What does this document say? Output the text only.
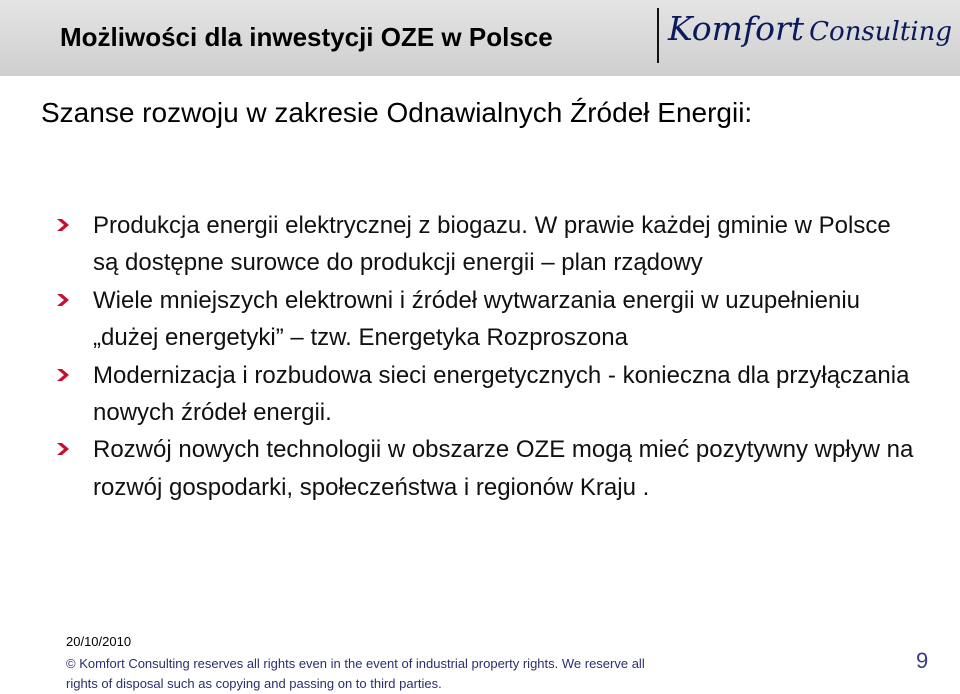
Możliwości dla inwestycji OZE w Polsce	Komfort Consulting
Szanse rozwoju w zakresie Odnawialnych Źródeł Energii:
Produkcja energii elektrycznej z biogazu. W prawie każdej gminie w Polsce są dostępne surowce do produkcji energii – plan rządowy
Wiele mniejszych elektrowni i źródeł wytwarzania energii w uzupełnieniu „dużej energetyki” – tzw. Energetyka Rozproszona
Modernizacja i rozbudowa sieci energetycznych - konieczna dla przyłączania nowych źródeł energii.
Rozwój nowych technologii w obszarze OZE mogą mieć pozytywny wpływ na rozwój gospodarki, społeczeństwa i regionów Kraju .
20/10/2010
© Komfort Consulting reserves all rights even in the event of industrial property rights. We reserve all rights of disposal such as copying and passing on to third parties.
9
